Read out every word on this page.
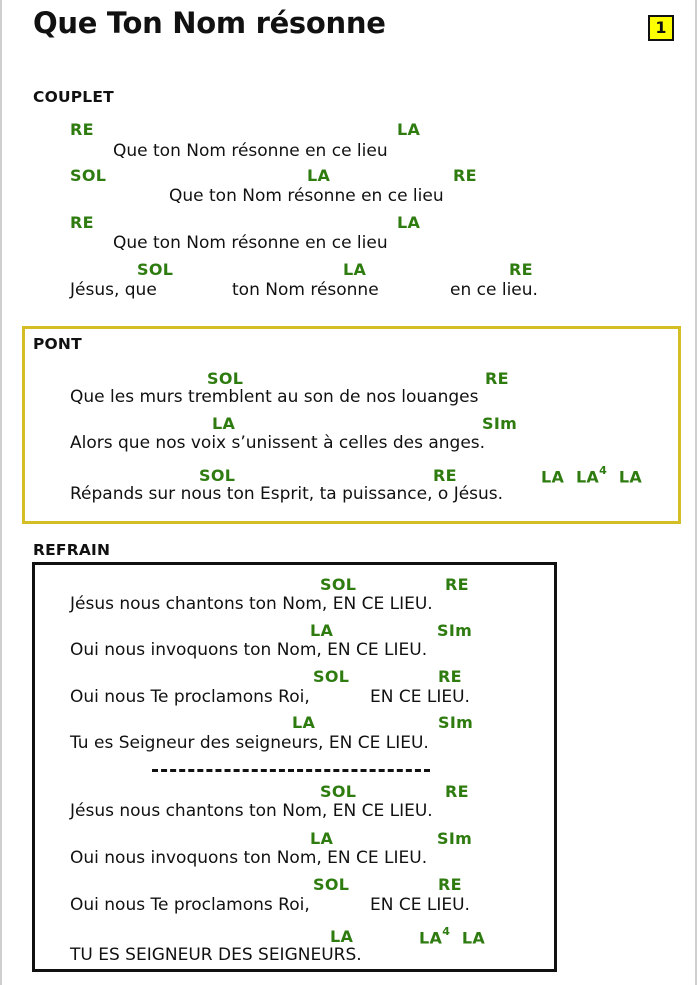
Que Ton Nom résonne	1
COUPLET
RE	LA
Que ton Nom résonne en ce lieu
SOL	LA	RE
Que ton Nom résonne en ce lieu
RE	LA
Que ton Nom résonne en ce lieu
SOL	LA	RE
Jésus, que	ton Nom résonne	en ce lieu.
PONT
SOL	RE
Que les murs tremblent au son de nos louanges
LA	SIm
Alors que nos voix s’unissent à celles des anges.
SOL	RE	LA $LA^4$ LA
Répands sur nous ton Esprit, ta puissance, o Jésus.
REFRAIN
SOL	RE
Jésus nous chantons ton Nom, EN CE LIEU.
LA	SIm
Oui nous invoquons ton Nom, EN CE LIEU.
SOL	RE
Oui nous Te proclamons Roi,	EN CE LIEU.
LA	SIm
Tu es Seigneur des seigneurs, EN CE LIEU.
SOL	RE
Jésus nous chantons ton Nom, EN CE LIEU.
LA	SIm
Oui nous invoquons ton Nom, EN CE LIEU.
SOL	RE
Oui nous Te proclamons Roi,	EN CE LIEU.
LA	$LA^4$ LA
TU ES SEIGNEUR DES SEIGNEURS.
